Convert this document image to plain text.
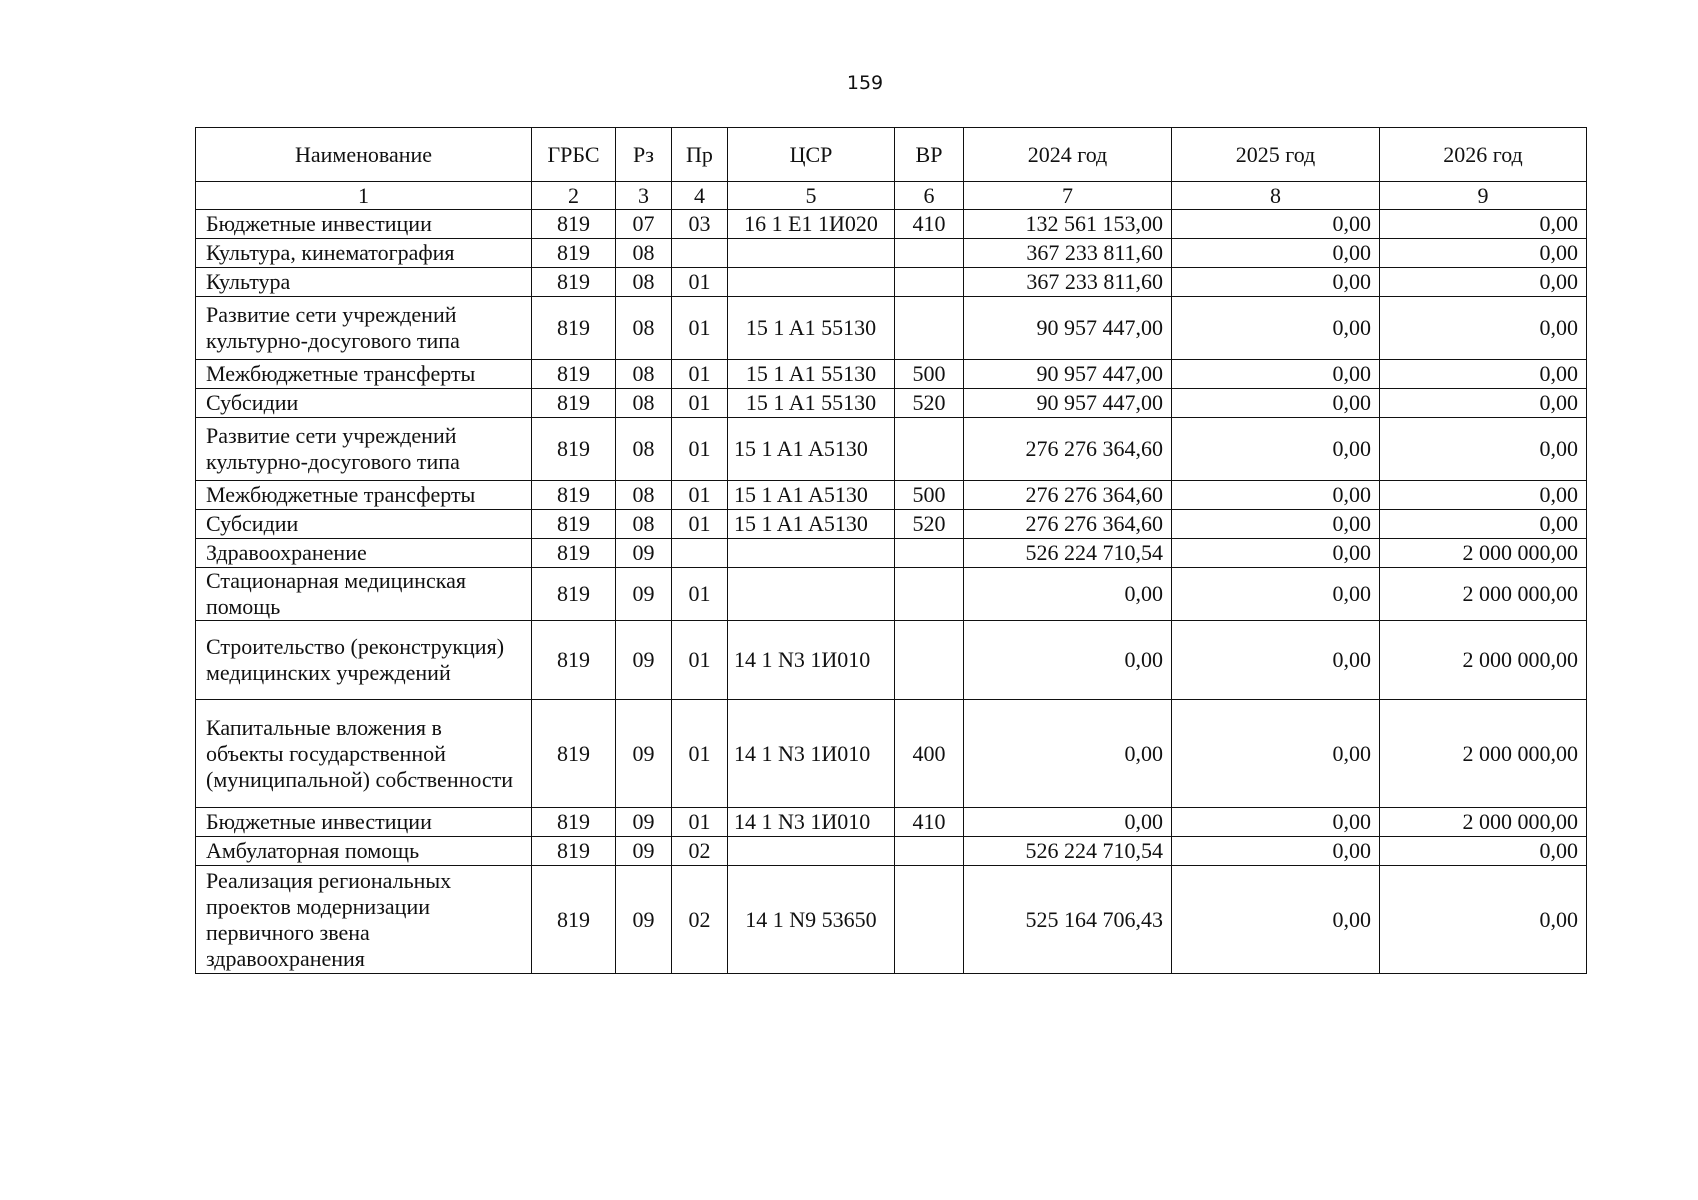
159
Наименование	ГРБС	Рз	Пр	ЦСР	ВР	2024 год	2025 год	2026 год
1	2	3	4	5	6	7	8	9
Бюджетные инвестиции	819	07	03	16 1 E1 1И020	410	132 561 153,00	0,00	0,00
Культура, кинематография	819	08				367 233 811,60	0,00	0,00
Культура	819	08	01			367 233 811,60	0,00	0,00
Развитие сети учреждений культурно-досугового типа	819	08	01	15 1 A1 55130		90 957 447,00	0,00	0,00
Межбюджетные трансферты	819	08	01	15 1 A1 55130	500	90 957 447,00	0,00	0,00
Субсидии	819	08	01	15 1 A1 55130	520	90 957 447,00	0,00	0,00
Развитие сети учреждений культурно-досугового типа	819	08	01	15 1 A1 A5130		276 276 364,60	0,00	0,00
Межбюджетные трансферты	819	08	01	15 1 A1 A5130	500	276 276 364,60	0,00	0,00
Субсидии	819	08	01	15 1 A1 A5130	520	276 276 364,60	0,00	0,00
Здравоохранение	819	09				526 224 710,54	0,00	2 000 000,00
Стационарная медицинская помощь	819	09	01			0,00	0,00	2 000 000,00
Строительство (реконструкция) медицинских учреждений	819	09	01	14 1 N3 1И010		0,00	0,00	2 000 000,00
Капитальные вложения в объекты государственной (муниципальной) собственности	819	09	01	14 1 N3 1И010	400	0,00	0,00	2 000 000,00
Бюджетные инвестиции	819	09	01	14 1 N3 1И010	410	0,00	0,00	2 000 000,00
Амбулаторная помощь	819	09	02			526 224 710,54	0,00	0,00
Реализация региональных проектов модернизации первичного звена здравоохранения	819	09	02	14 1 N9 53650		525 164 706,43	0,00	0,00
